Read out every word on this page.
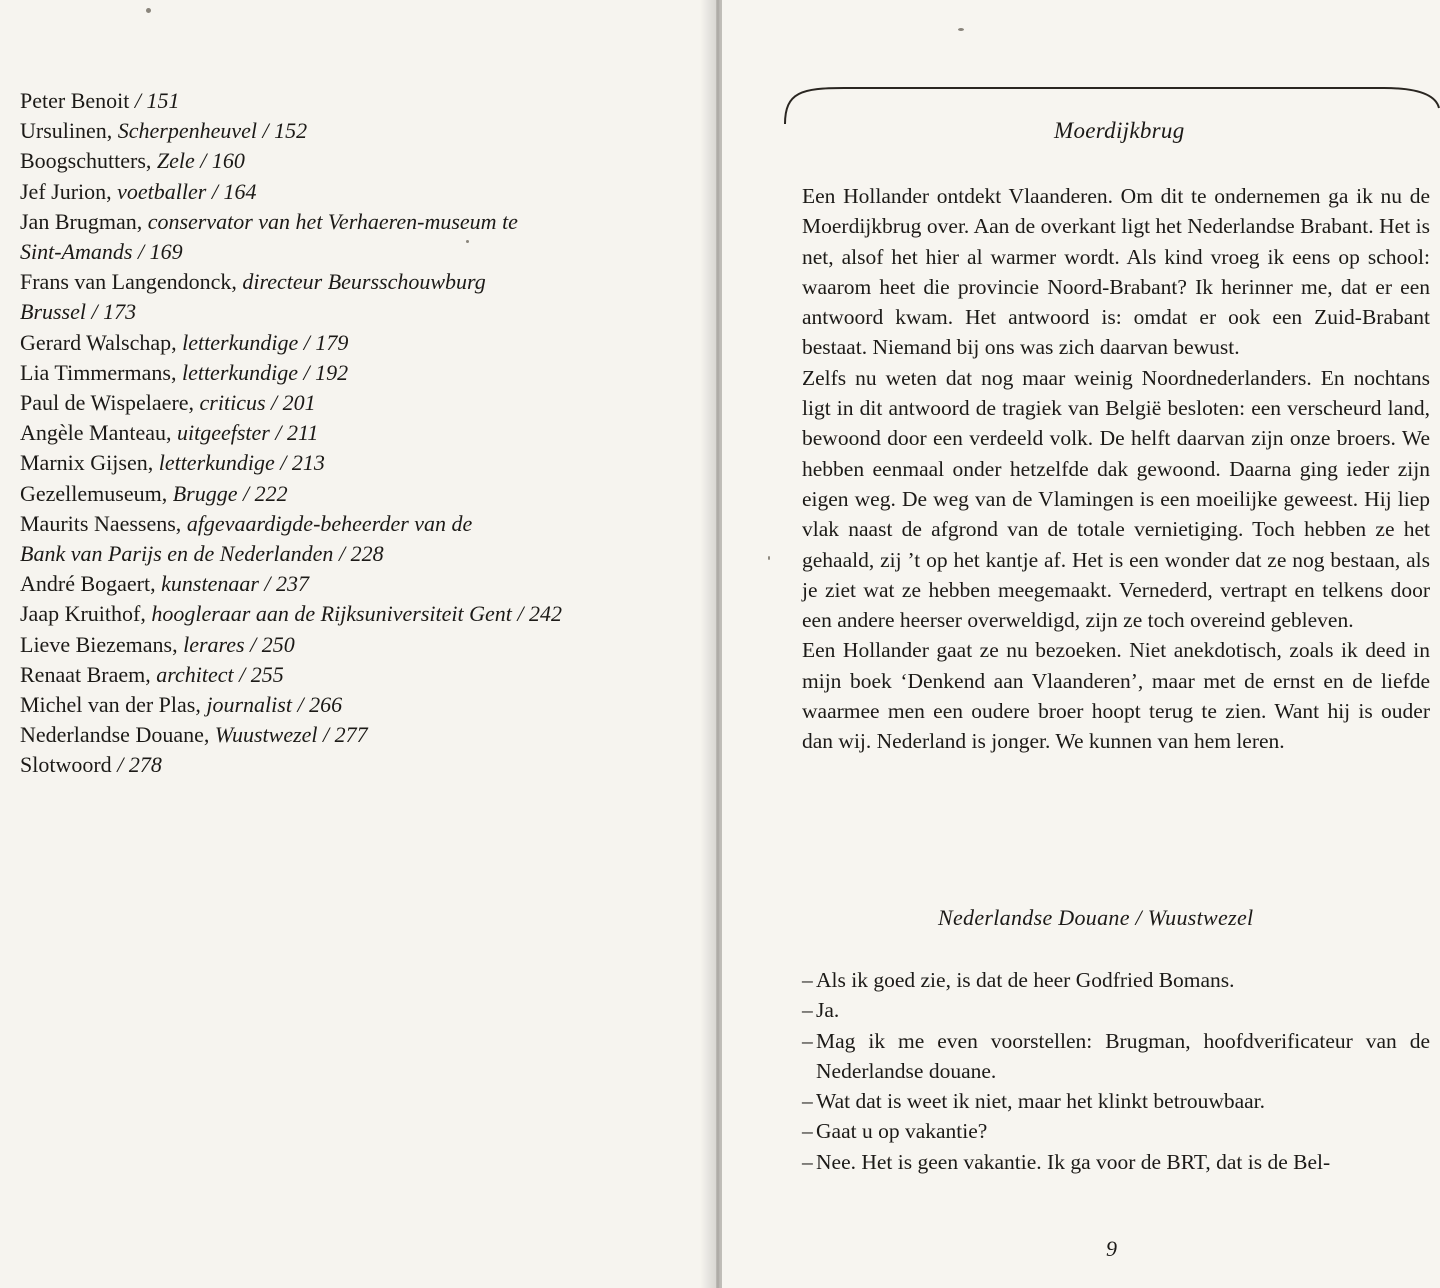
Peter Benoit / 151
Ursulinen, Scherpenheuvel / 152
Boogschutters, Zele / 160
Jef Jurion, voetballer / 164
Jan Brugman, conservator van het Verhaeren-museum te
Sint-Amands / 169
Frans van Langendonck, directeur Beursschouwburg
Brussel / 173
Gerard Walschap, letterkundige / 179
Lia Timmermans, letterkundige / 192
Paul de Wispelaere, criticus / 201
Angèle Manteau, uitgeefster / 211
Marnix Gijsen, letterkundige / 213
Gezellemuseum, Brugge / 222
Maurits Naessens, afgevaardigde-beheerder van de
Bank van Parijs en de Nederlanden / 228
André Bogaert, kunstenaar / 237
Jaap Kruithof, hoogleraar aan de Rijksuniversiteit Gent / 242
Lieve Biezemans, lerares / 250
Renaat Braem, architect / 255
Michel van der Plas, journalist / 266
Nederlandse Douane, Wuustwezel / 277
Slotwoord / 278
Moerdijkbrug

Een Hollander ontdekt Vlaanderen. Om dit te ondernemen ga ik nu de Moerdijkbrug over. Aan de overkant ligt het Nederlandse Brabant. Het is net, alsof het hier al warmer wordt. Als kind vroeg ik eens op school: waarom heet die provincie Noord-Brabant? Ik herinner me, dat er een antwoord kwam. Het antwoord is: omdat er ook een Zuid-Brabant bestaat. Niemand bij ons was zich daarvan bewust.

Zelfs nu weten dat nog maar weinig Noordnederlanders. En nochtans ligt in dit antwoord de tragiek van België besloten: een verscheurd land, bewoond door een verdeeld volk. De helft daarvan zijn onze broers. We hebben eenmaal onder hetzelfde dak gewoond. Daarna ging ieder zijn eigen weg. De weg van de Vlamingen is een moeilijke geweest. Hij liep vlak naast de afgrond van de totale vernietiging. Toch hebben ze het gehaald, zij ’t op het kantje af. Het is een wonder dat ze nog bestaan, als je ziet wat ze hebben meegemaakt. Vernederd, vertrapt en telkens door een andere heerser overweldigd, zijn ze toch overeind gebleven.

Een Hollander gaat ze nu bezoeken. Niet anekdotisch, zoals ik deed in mijn boek ‘Denkend aan Vlaanderen’, maar met de ernst en de liefde waarmee men een oudere broer hoopt terug te zien. Want hij is ouder dan wij. Nederland is jonger. We kunnen van hem leren.

Nederlandse Douane / Wuustwezel
– Als ik goed zie, is dat de heer Godfried Bomans.
– Ja.
– Mag ik me even voorstellen: Brugman, hoofdverificateur van de Nederlandse douane.
– Wat dat is weet ik niet, maar het klinkt betrouwbaar.
– Gaat u op vakantie?
– Nee. Het is geen vakantie. Ik ga voor de BRT, dat is de Bel-
9
